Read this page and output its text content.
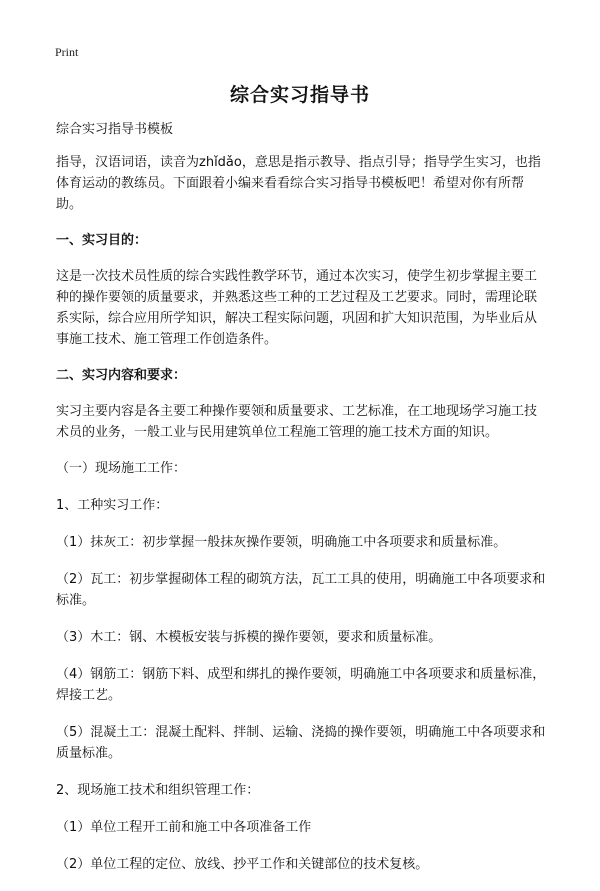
Print
综合实习指导书

综合实习指导书模板

指导，汉语词语，读音为zhǐdǎo，意思是指示教导、指点引导；指导学生实习，也指体育运动的教练员。下面跟着小编来看看综合实习指导书模板吧！希望对你有所帮助。

一、实习目的：

这是一次技术员性质的综合实践性教学环节，通过本次实习，使学生初步掌握主要工种的操作要领的质量要求，并熟悉这些工种的工艺过程及工艺要求。同时，需理论联系实际，综合应用所学知识，解决工程实际问题，巩固和扩大知识范围，为毕业后从事施工技术、施工管理工作创造条件。

二、实习内容和要求：

实习主要内容是各主要工种操作要领和质量要求、工艺标准，在工地现场学习施工技术员的业务，一般工业与民用建筑单位工程施工管理的施工技术方面的知识。

（一）现场施工工作：

1、工种实习工作：

（1）抹灰工：初步掌握一般抹灰操作要领，明确施工中各项要求和质量标准。

（2）瓦工：初步掌握砌体工程的砌筑方法，瓦工工具的使用，明确施工中各项要求和标准。

（3）木工：钢、木模板安装与拆模的操作要领，要求和质量标准。

（4）钢筋工：钢筋下料、成型和绑扎的操作要领，明确施工中各项要求和质量标准，焊接工艺。

（5）混凝土工：混凝土配料、拌制、运输、浇捣的操作要领，明确施工中各项要求和质量标准。

2、现场施工技术和组织管理工作：

（1）单位工程开工前和施工中各项准备工作

（2）单位工程的定位、放线、抄平工作和关键部位的技术复核。
